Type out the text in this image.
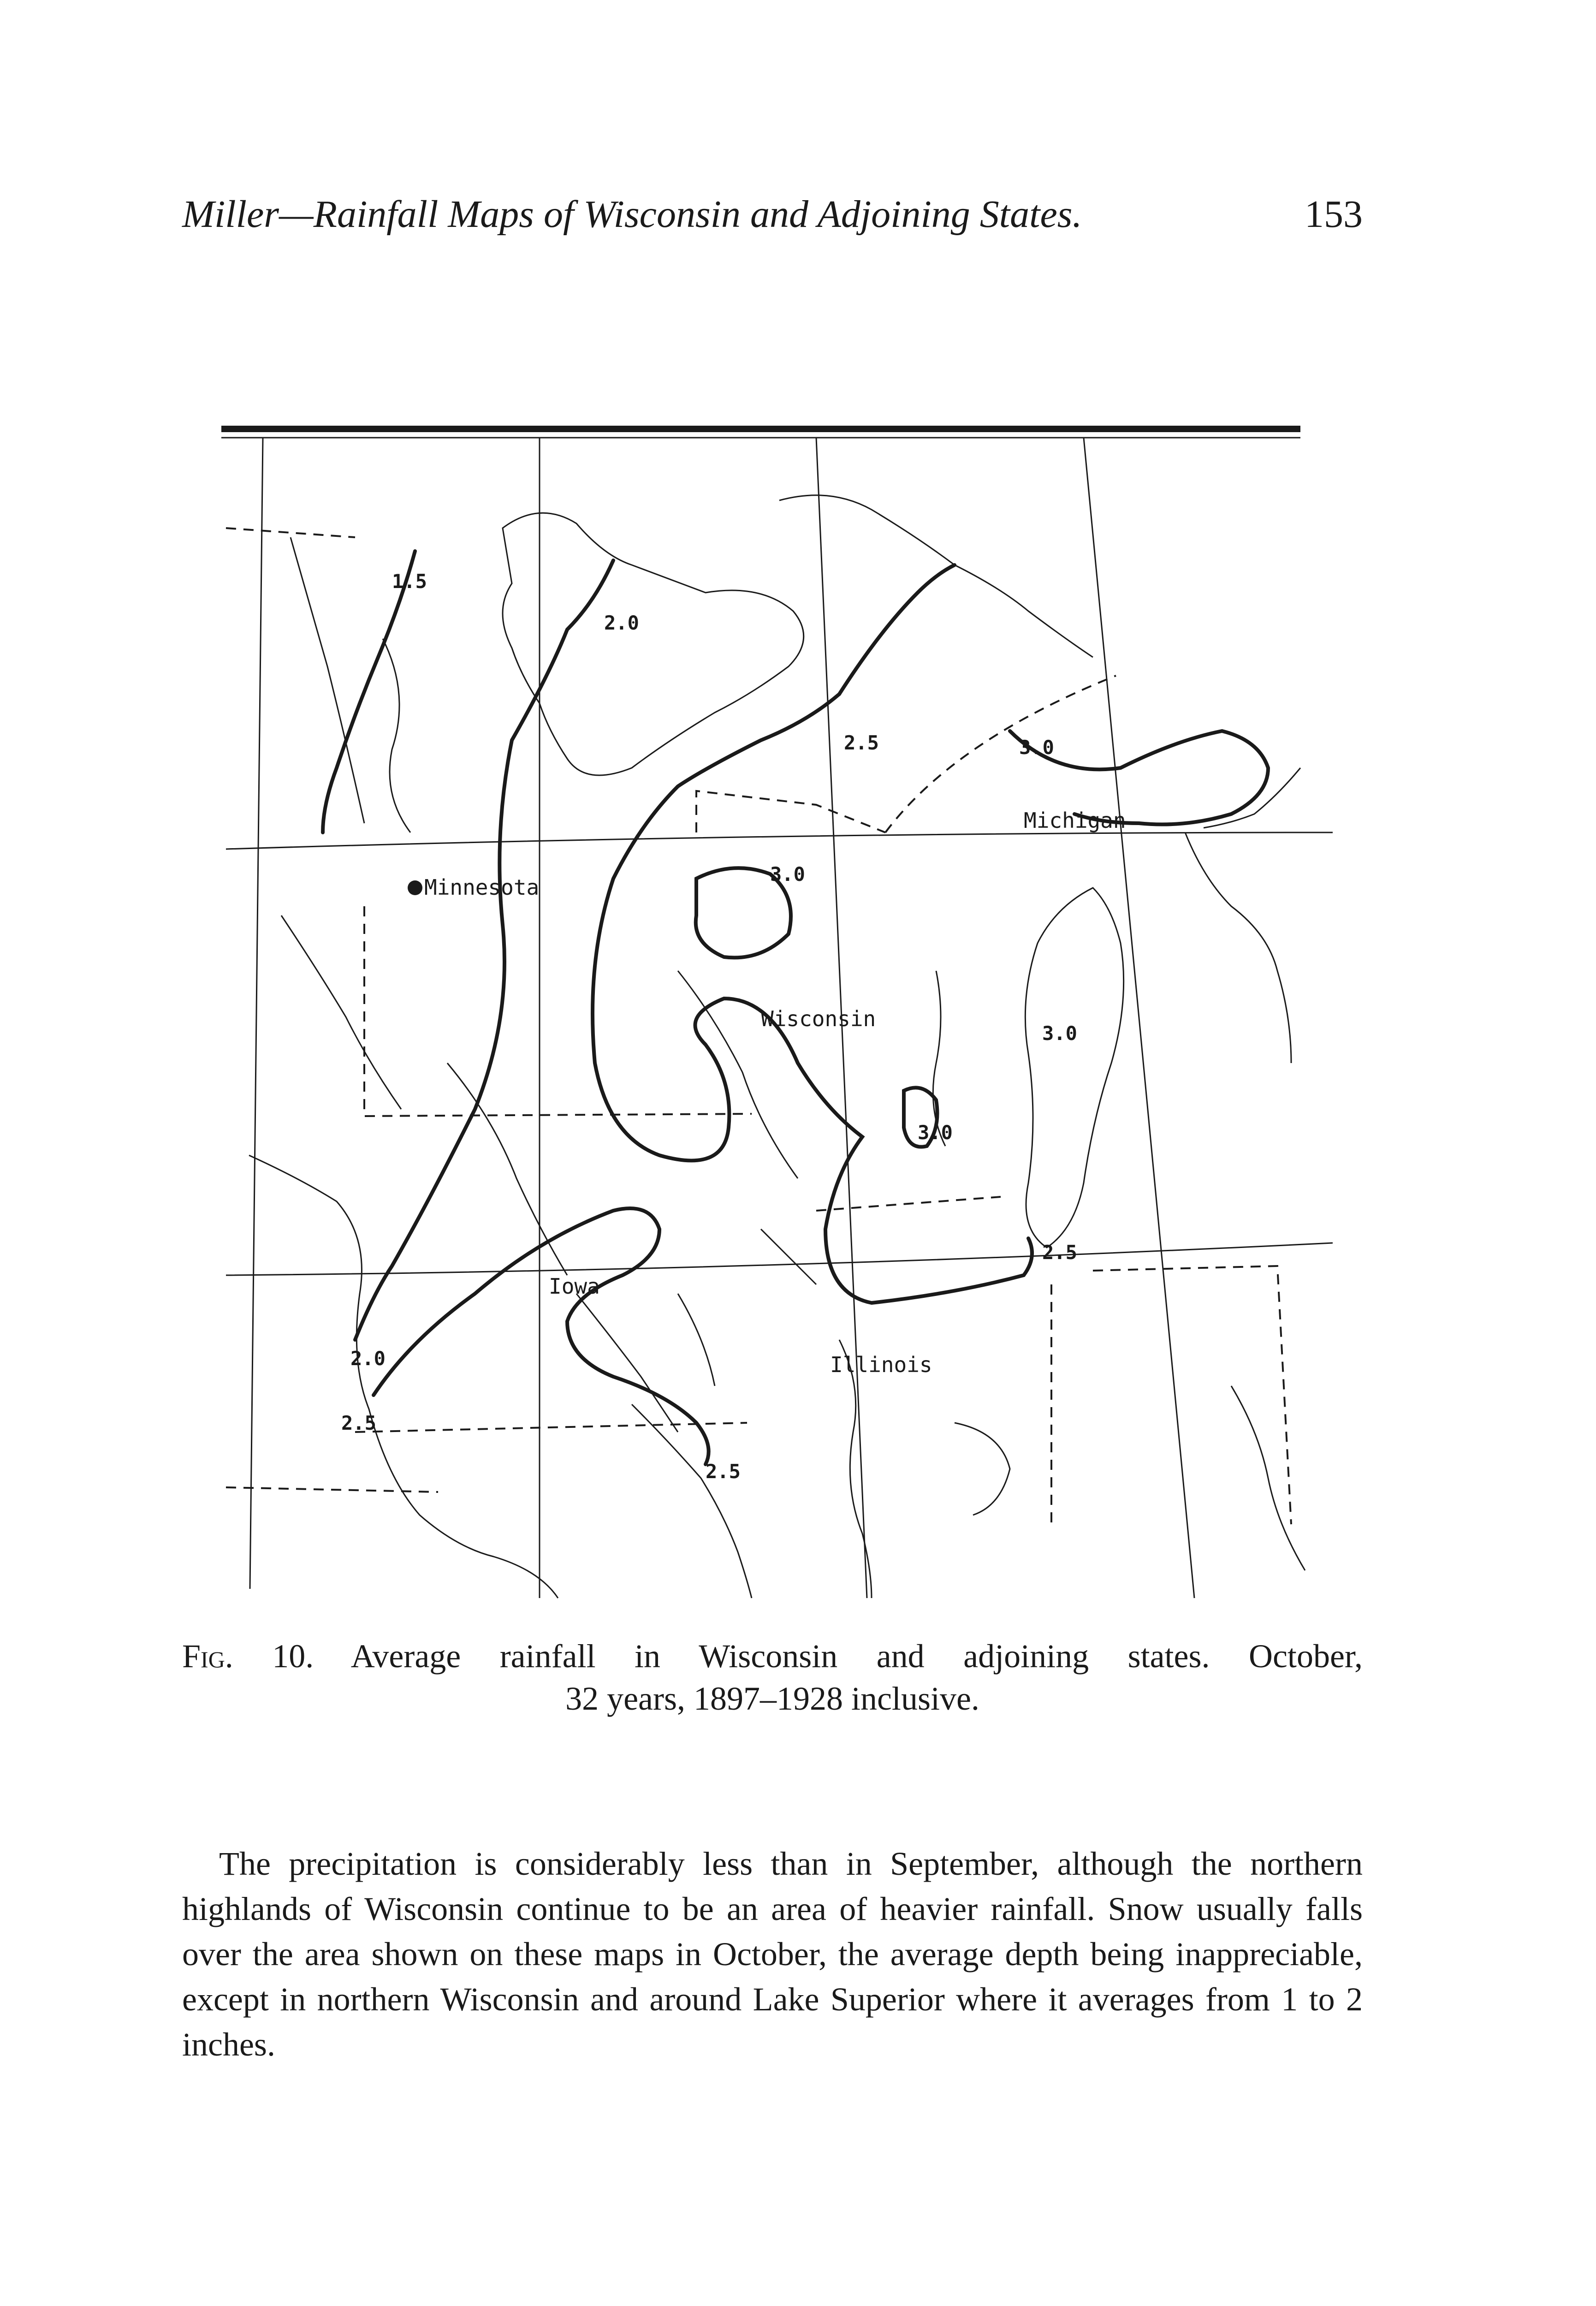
Miller—Rainfall Maps of Wisconsin and Adjoining States.	153
Minnesota
Wisconsin
Michigan
Iowa
Illinois
1.5
2.0
2.5	3.0
3.0
3.0
3.0
2.5
2.0
2.5
2.5
Fig. 10. Average rainfall in Wisconsin and adjoining states. October,
32 years, 1897–1928 inclusive.

The precipitation is considerably less than in September, although the northern highlands of Wisconsin continue to be an area of heavier rainfall. Snow usually falls over the area shown on these maps in October, the average depth being inappreciable, except in northern Wisconsin and around Lake Superior where it averages from 1 to 2 inches.
